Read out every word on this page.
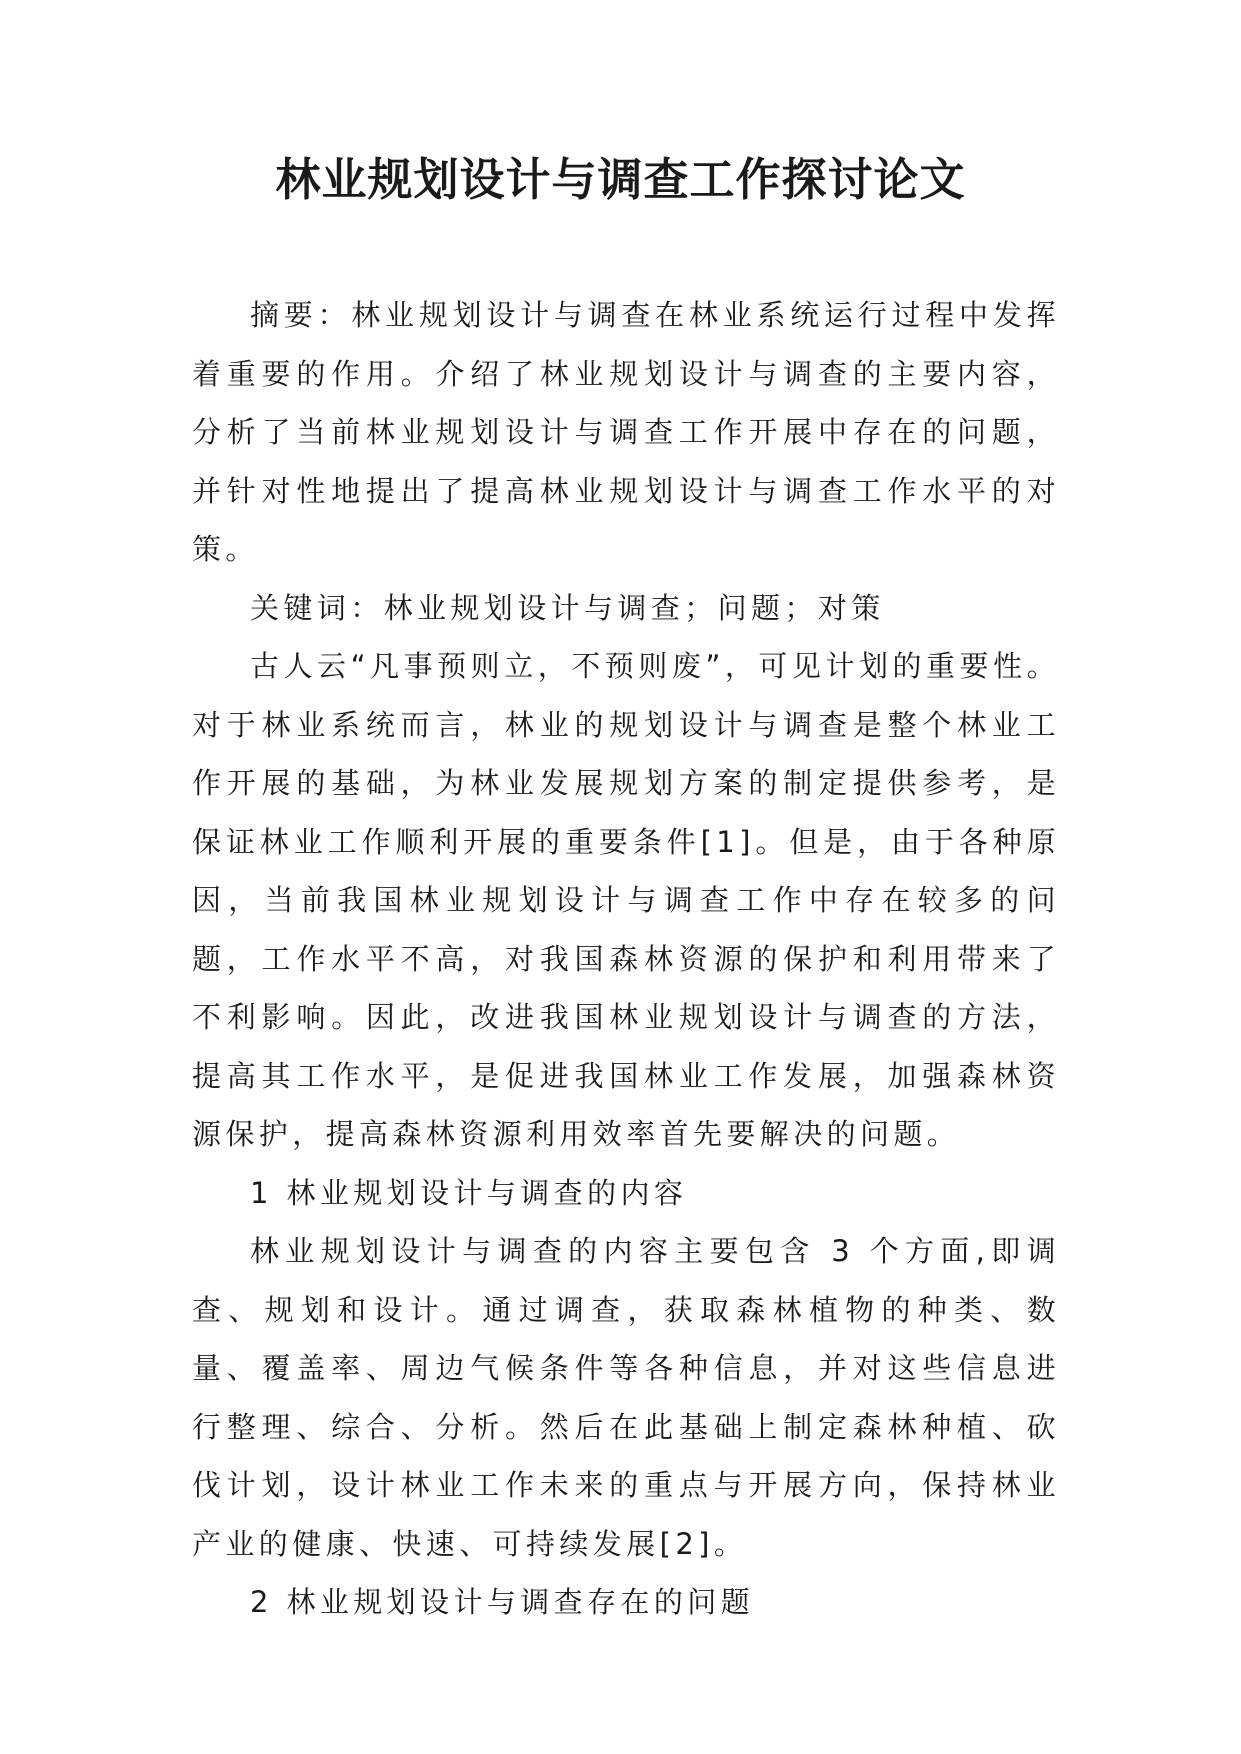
林业规划设计与调查工作探讨论文

摘要：林业规划设计与调查在林业系统运行过程中发挥着重要的作用。介绍了林业规划设计与调查的主要内容，分析了当前林业规划设计与调查工作开展中存在的问题，并针对性地提出了提高林业规划设计与调查工作水平的对策。

关键词：林业规划设计与调查；问题；对策

古人云“凡事预则立，不预则废”，可见计划的重要性。对于林业系统而言，林业的规划设计与调查是整个林业工作开展的基础，为林业发展规划方案的制定提供参考，是保证林业工作顺利开展的重要条件[1]。但是，由于各种原因，当前我国林业规划设计与调查工作中存在较多的问题，工作水平不高，对我国森林资源的保护和利用带来了不利影响。因此，改进我国林业规划设计与调查的方法，提高其工作水平，是促进我国林业工作发展，加强森林资源保护，提高森林资源利用效率首先要解决的问题。

1 林业规划设计与调查的内容

林业规划设计与调查的内容主要包含 3 个方面,即调查、规划和设计。通过调查，获取森林植物的种类、数量、覆盖率、周边气候条件等各种信息，并对这些信息进行整理、综合、分析。然后在此基础上制定森林种植、砍伐计划，设计林业工作未来的重点与开展方向，保持林业产业的健康、快速、可持续发展[2]。

2 林业规划设计与调查存在的问题
